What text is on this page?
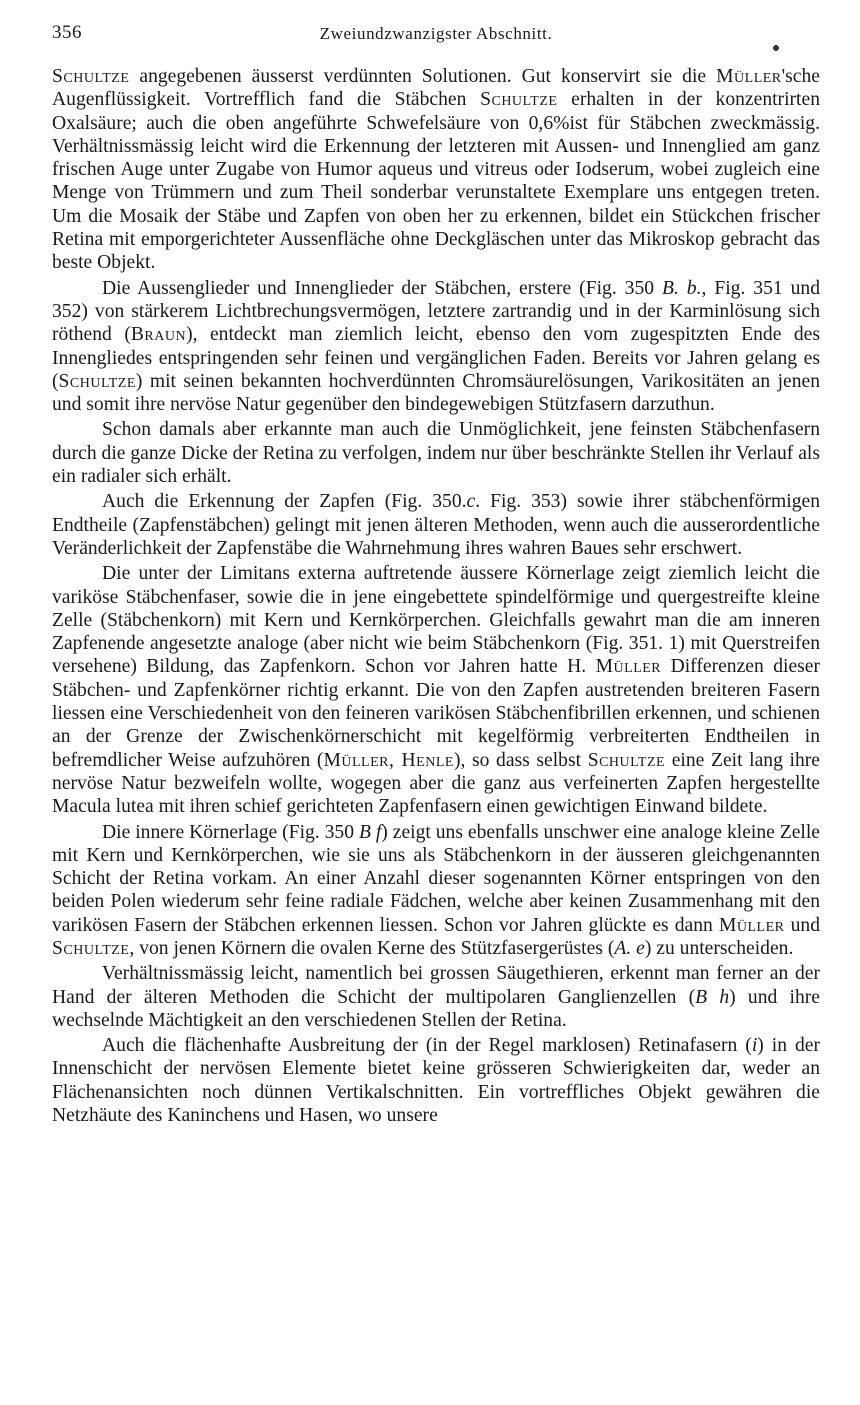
356	Zweiundzwanzigster Abschnitt.

Schultze angegebenen äusserst verdünnten Solutionen. Gut konservirt sie die Müller'sche Augenflüssigkeit. Vortrefflich fand die Stäbchen Schultze erhalten in der konzentrirten Oxalsäure; auch die oben angeführte Schwefelsäure von 0,6%ist für Stäbchen zweckmässig. Verhältnissmässig leicht wird die Erkennung der letzteren mit Aussen- und Innenglied am ganz frischen Auge unter Zugabe von Humor aqueus und vitreus oder Iodserum, wobei zugleich eine Menge von Trümmern und zum Theil sonderbar verunstaltete Exemplare uns entgegen treten. Um die Mosaik der Stäbe und Zapfen von oben her zu erkennen, bildet ein Stückchen frischer Retina mit emporgerichteter Aussenfläche ohne Deckgläschen unter das Mikroskop gebracht das beste Objekt.

Die Aussenglieder und Innenglieder der Stäbchen, erstere (Fig. 350 B. b., Fig. 351 und 352) von stärkerem Lichtbrechungsvermögen, letztere zartrandig und in der Karminlösung sich röthend (Braun), entdeckt man ziemlich leicht, ebenso den vom zugespitzten Ende des Innengliedes entspringenden sehr feinen und vergänglichen Faden. Bereits vor Jahren gelang es (Schultze) mit seinen bekannten hochverdünnten Chromsäurelösungen, Varikositäten an jenen und somit ihre nervöse Natur gegenüber den bindegewebigen Stützfasern darzuthun.

Schon damals aber erkannte man auch die Unmöglichkeit, jene feinsten Stäbchenfasern durch die ganze Dicke der Retina zu verfolgen, indem nur über beschränkte Stellen ihr Verlauf als ein radialer sich erhält.

Auch die Erkennung der Zapfen (Fig. 350.c. Fig. 353) sowie ihrer stäbchenförmigen Endtheile (Zapfenstäbchen) gelingt mit jenen älteren Methoden, wenn auch die ausserordentliche Veränderlichkeit der Zapfenstäbe die Wahrnehmung ihres wahren Baues sehr erschwert.

Die unter der Limitans externa auftretende äussere Körnerlage zeigt ziemlich leicht die variköse Stäbchenfaser, sowie die in jene eingebettete spindelförmige und quergestreifte kleine Zelle (Stäbchenkorn) mit Kern und Kernkörperchen. Gleichfalls gewahrt man die am inneren Zapfenende angesetzte analoge (aber nicht wie beim Stäbchenkorn (Fig. 351. 1) mit Querstreifen versehene) Bildung, das Zapfenkorn. Schon vor Jahren hatte H. Müller Differenzen dieser Stäbchen- und Zapfenkörner richtig erkannt. Die von den Zapfen austretenden breiteren Fasern liessen eine Verschiedenheit von den feineren varikösen Stäbchenfibrillen erkennen, und schienen an der Grenze der Zwischenkörnerschicht mit kegelförmig verbreiterten Endtheilen in befremdlicher Weise aufzuhören (Müller, Henle), so dass selbst Schultze eine Zeit lang ihre nervöse Natur bezweifeln wollte, wogegen aber die ganz aus verfeinerten Zapfen hergestellte Macula lutea mit ihren schief gerichteten Zapfenfasern einen gewichtigen Einwand bildete.

Die innere Körnerlage (Fig. 350 B f) zeigt uns ebenfalls unschwer eine analoge kleine Zelle mit Kern und Kernkörperchen, wie sie uns als Stäbchenkorn in der äusseren gleichgenannten Schicht der Retina vorkam. An einer Anzahl dieser sogenannten Körner entspringen von den beiden Polen wiederum sehr feine radiale Fädchen, welche aber keinen Zusammenhang mit den varikösen Fasern der Stäbchen erkennen liessen. Schon vor Jahren glückte es dann Müller und Schultze, von jenen Körnern die ovalen Kerne des Stützfasergerüstes (A. e) zu unterscheiden.

Verhältnissmässig leicht, namentlich bei grossen Säugethieren, erkennt man ferner an der Hand der älteren Methoden die Schicht der multipolaren Ganglienzellen (B h) und ihre wechselnde Mächtigkeit an den verschiedenen Stellen der Retina.

Auch die flächenhafte Ausbreitung der (in der Regel marklosen) Retinafasern (i) in der Innenschicht der nervösen Elemente bietet keine grösseren Schwierigkeiten dar, weder an Flächenansichten noch dünnen Vertikalschnitten. Ein vortreffliches Objekt gewähren die Netzhäute des Kaninchens und Hasen, wo unsere
